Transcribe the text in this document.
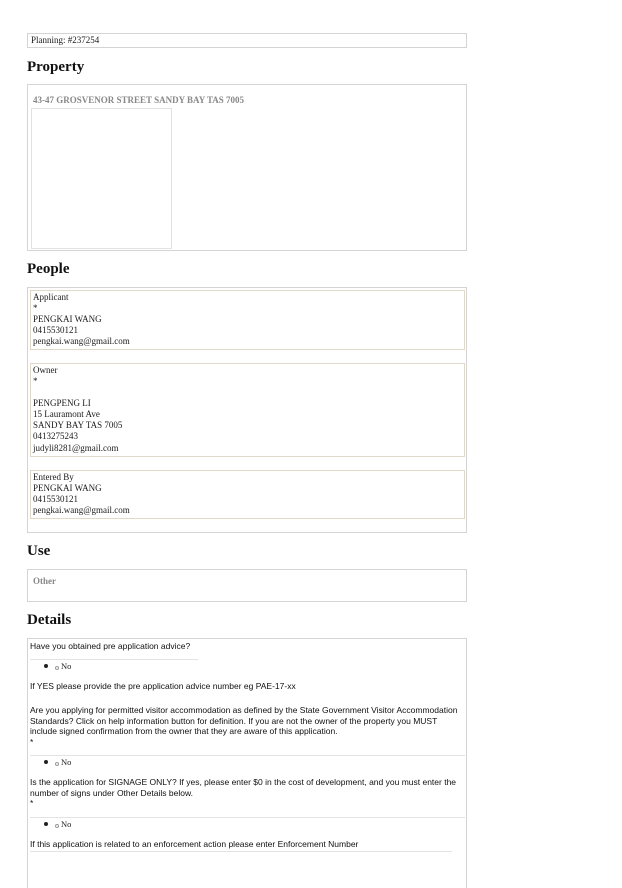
Planning: #237254
Property
43-47 GROSVENOR STREET SANDY BAY TAS 7005
People
Applicant
*
PENGKAI WANG
0415530121
pengkai.wang@gmail.com
Owner
*
PENGPENG LI
15 Lauramont Ave
SANDY BAY TAS 7005
0413275243
judyli8281@gmail.com
Entered By
PENGKAI WANG
0415530121
pengkai.wang@gmail.com
Use
Other
Details
Have you obtained pre application advice?
No
If YES please provide the pre application advice number eg PAE-17-xx
Are you applying for permitted visitor accommodation as defined by the State Government Visitor Accommodation Standards? Click on help information button for definition. If you are not the owner of the property you MUST include signed confirmation from the owner that they are aware of this application.
*
No
Is the application for SIGNAGE ONLY? If yes, please enter $0 in the cost of development, and you must enter the number of signs under Other Details below.
*
No
If this application is related to an enforcement action please enter Enforcement Number
